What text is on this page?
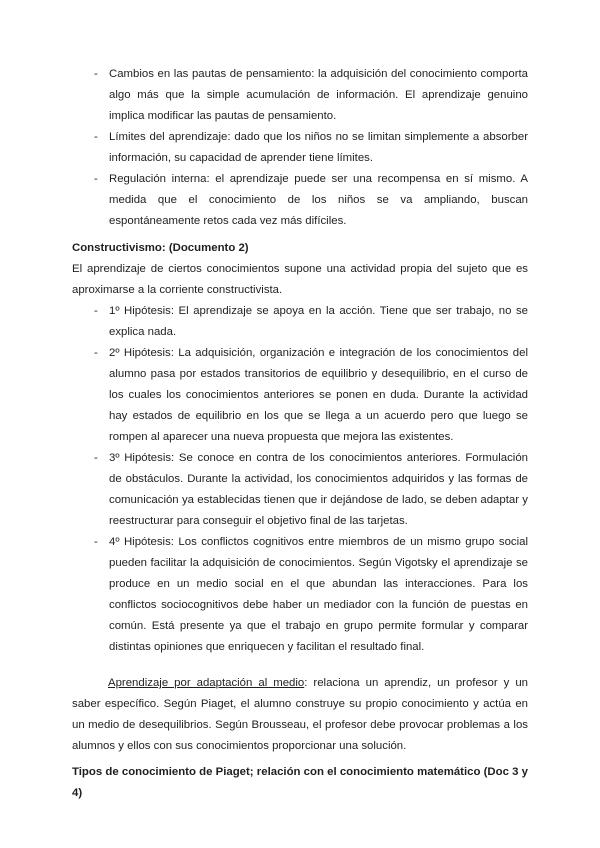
- Cambios en las pautas de pensamiento: la adquisición del conocimiento comporta algo más que la simple acumulación de información. El aprendizaje genuino implica modificar las pautas de pensamiento.

- Límites del aprendizaje: dado que los niños no se limitan simplemente a absorber información, su capacidad de aprender tiene límites.

- Regulación interna: el aprendizaje puede ser una recompensa en sí mismo. A medida que el conocimiento de los niños se va ampliando, buscan espontáneamente retos cada vez más difíciles.

Constructivismo: (Documento 2)

El aprendizaje de ciertos conocimientos supone una actividad propia del sujeto que es aproximarse a la corriente constructivista.

- 1º Hipótesis: El aprendizaje se apoya en la acción. Tiene que ser trabajo, no se explica nada.

- 2º Hipótesis: La adquisición, organización e integración de los conocimientos del alumno pasa por estados transitorios de equilibrio y desequilibrio, en el curso de los cuales los conocimientos anteriores se ponen en duda. Durante la actividad hay estados de equilibrio en los que se llega a un acuerdo pero que luego se rompen al aparecer una nueva propuesta que mejora las existentes.

- 3º Hipótesis: Se conoce en contra de los conocimientos anteriores. Formulación de obstáculos. Durante la actividad, los conocimientos adquiridos y las formas de comunicación ya establecidas tienen que ir dejándose de lado, se deben adaptar y reestructurar para conseguir el objetivo final de las tarjetas.

- 4º Hipótesis: Los conflictos cognitivos entre miembros de un mismo grupo social pueden facilitar la adquisición de conocimientos. Según Vigotsky el aprendizaje se produce en un medio social en el que abundan las interacciones. Para los conflictos sociocognitivos debe haber un mediador con la función de puestas en común. Está presente ya que el trabajo en grupo permite formular y comparar distintas opiniones que enriquecen y facilitan el resultado final.

Aprendizaje por adaptación al medio: relaciona un aprendiz, un profesor y un saber específico. Según Piaget, el alumno construye su propio conocimiento y actúa en un medio de desequilibrios. Según Brousseau, el profesor debe provocar problemas a los alumnos y ellos con sus conocimientos proporcionar una solución.

Tipos de conocimiento de Piaget; relación con el conocimiento matemático (Doc 3 y 4)
